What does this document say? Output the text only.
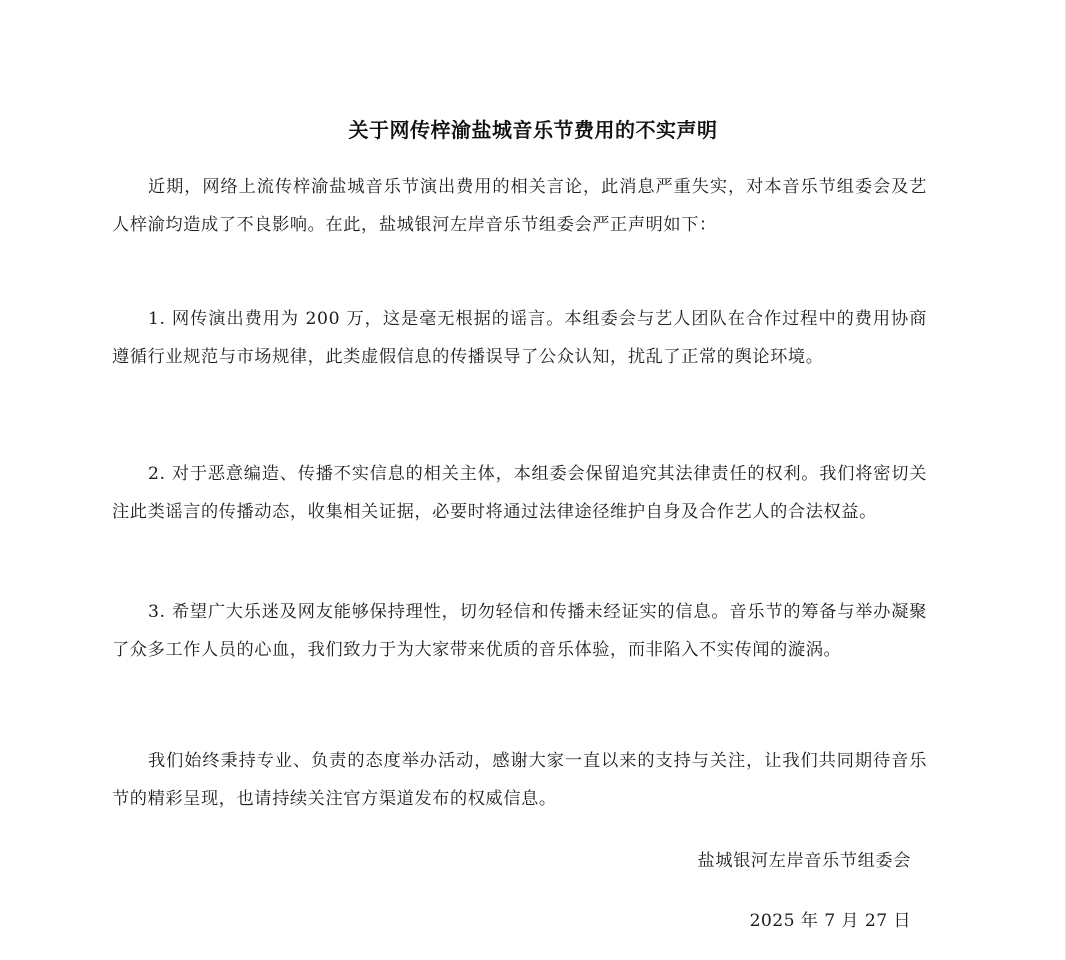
关于网传梓渝盐城音乐节费用的不实声明

近期，网络上流传梓渝盐城音乐节演出费用的相关言论，此消息严重失实，对本音乐节组委会及艺人梓渝均造成了不良影响。在此，盐城银河左岸音乐节组委会严正声明如下：

1. 网传演出费用为 200 万，这是毫无根据的谣言。本组委会与艺人团队在合作过程中的费用协商遵循行业规范与市场规律，此类虚假信息的传播误导了公众认知，扰乱了正常的舆论环境。

2. 对于恶意编造、传播不实信息的相关主体，本组委会保留追究其法律责任的权利。我们将密切关注此类谣言的传播动态，收集相关证据，必要时将通过法律途径维护自身及合作艺人的合法权益。

3. 希望广大乐迷及网友能够保持理性，切勿轻信和传播未经证实的信息。音乐节的筹备与举办凝聚了众多工作人员的心血，我们致力于为大家带来优质的音乐体验，而非陷入不实传闻的漩涡。

我们始终秉持专业、负责的态度举办活动，感谢大家一直以来的支持与关注，让我们共同期待音乐节的精彩呈现，也请持续关注官方渠道发布的权威信息。

盐城银河左岸音乐节组委会
2025 年 7 月 27 日
